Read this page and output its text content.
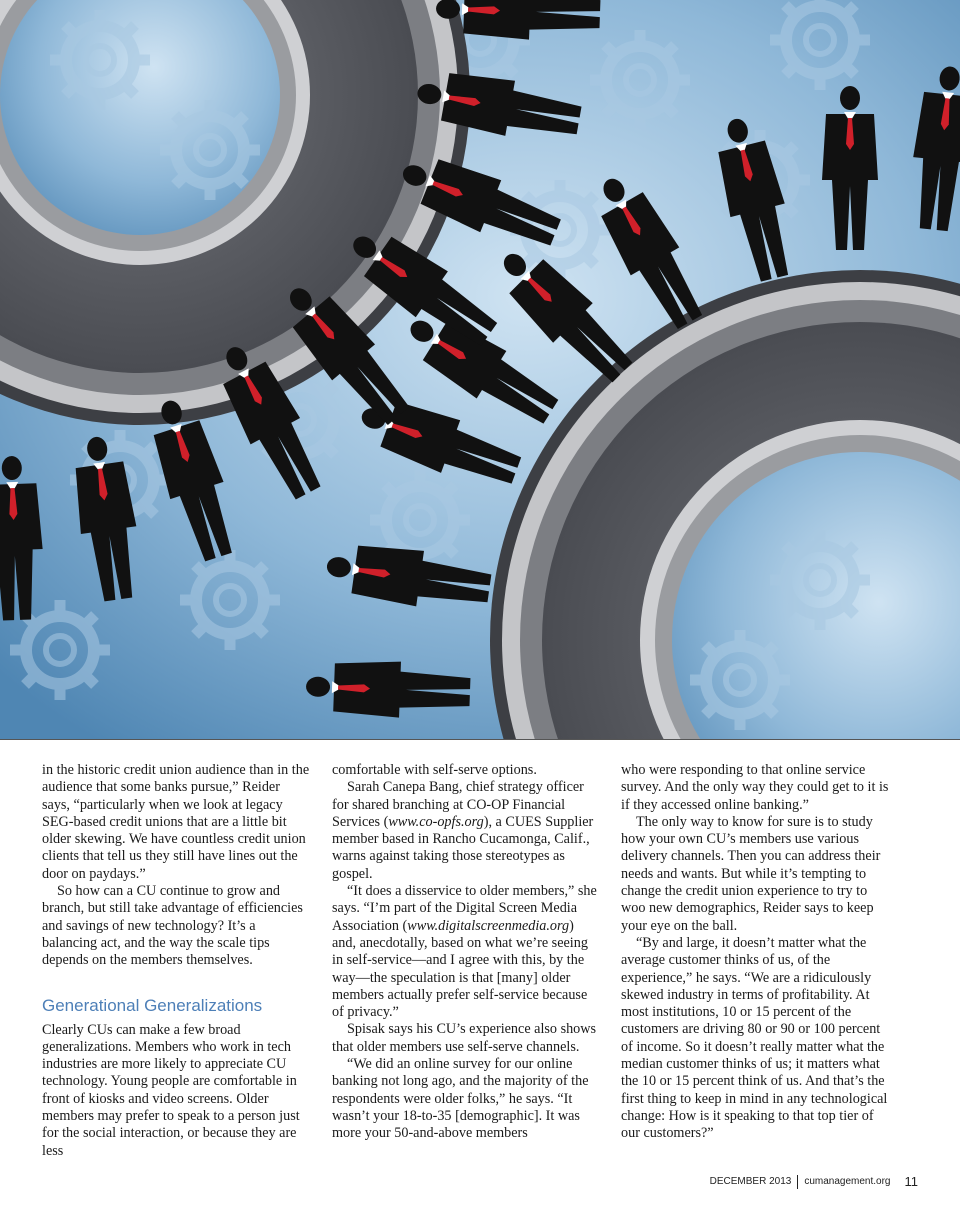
in the historic credit union audience than in the audience that some banks pursue,” Reider says, “particularly when we look at legacy SEG-based credit unions that are a little bit older skewing. We have countless credit union clients that tell us they still have lines out the door on paydays.”

So how can a CU continue to grow and branch, but still take advantage of efficiencies and savings of new technology? It’s a balancing act, and the way the scale tips depends on the members themselves.

Generational Generalizations

Clearly CUs can make a few broad generalizations. Members who work in tech industries are more likely to appreciate CU technology. Young people are comfortable in front of kiosks and video screens. Older members may prefer to speak to a person just for the social interaction, or because they are less

comfortable with self-serve options.

Sarah Canepa Bang, chief strategy officer for shared branching at CO-OP Financial Services (www.co-opfs.org), a CUES Supplier member based in Rancho Cucamonga, Calif., warns against taking those stereotypes as gospel.

“It does a disservice to older members,” she says. “I’m part of the Digital Screen Media Association (www.digitalscreenmedia.org) and, anecdotally, based on what we’re seeing in self-service—and I agree with this, by the way—the speculation is that [many] older members actually prefer self-service because of privacy.”

Spisak says his CU’s experience also shows that older members use self-serve channels.

“We did an online survey for our online banking not long ago, and the majority of the respondents were older folks,” he says. “It wasn’t your 18-to-35 [demographic]. It was more your 50-and-above members

who were responding to that online service survey. And the only way they could get to it is if they accessed online banking.”

The only way to know for sure is to study how your own CU’s members use various delivery channels. Then you can address their needs and wants. But while it’s tempting to change the credit union experience to try to woo new demographics, Reider says to keep your eye on the ball.

“By and large, it doesn’t matter what the average customer thinks of us, of the experience,” he says. “We are a ridiculously skewed industry in terms of profitability. At most institutions, 10 or 15 percent of the customers are driving 80 or 90 or 100 percent of income. So it doesn’t really matter what the median customer thinks of us; it matters what the 10 or 15 percent think of us. And that’s the first thing to keep in mind in any technological change: How is it speaking to that top tier of our customers?”

DECEMBER 2013 cumanagement.org 11
